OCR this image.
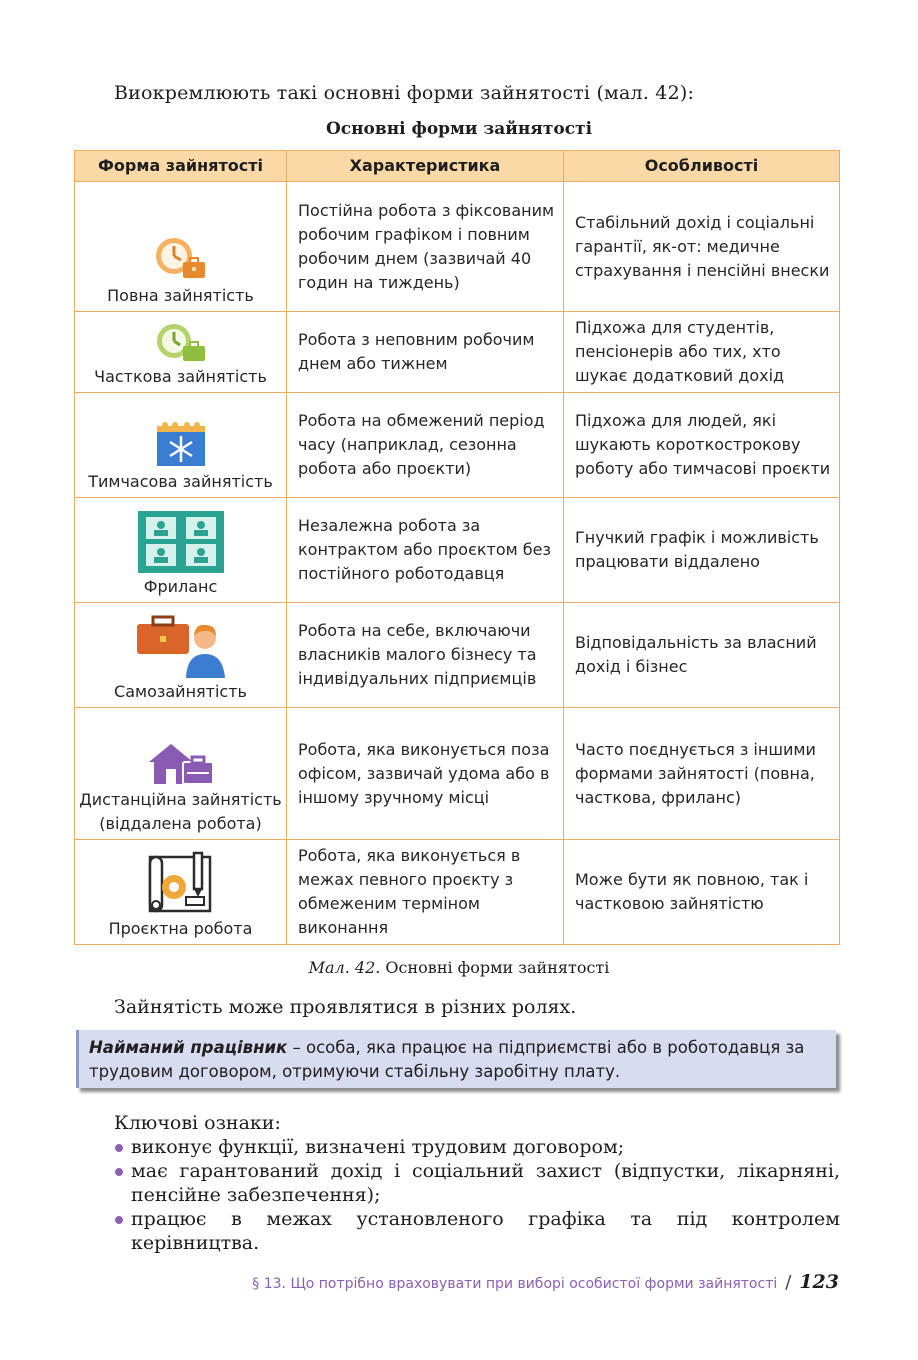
Виокремлюють такі основні форми зайнятості (мал. 42):
Основні форми зайнятості
Форма зайнятості	Характеристика	Особливості

Повна зайнятість	Постійна робота з фіксованим робочим графіком і повним робочим днем (зазвичай 40 годин на тиждень)	Стабільний дохід і соціальні гарантії, як-от: медичне страхування і пенсійні внески

Часткова зайнятість	Робота з неповним робочим днем або тижнем	Підхожа для студентів, пенсіонерів або тих, хто шукає додатковий дохід

Тимчасова зайнятість	Робота на обмежений період часу (наприклад, сезонна робота або проєкти)	Підхожа для людей, які шукають короткострокову роботу або тимчасові проєкти

Фриланс	Незалежна робота за контрактом або проєктом без постійного роботодавця	Гнучкий графік і можливість працювати віддалено

Самозайнятість	Робота на себе, включаючи власників малого бізнесу та індивідуальних підприємців	Відповідальність за власний дохід і бізнес

Дистанційна зайнятість (віддалена робота)	Робота, яка виконується поза офісом, зазвичай удома або в іншому зручному місці	Часто поєднується з іншими формами зайнятості (повна, часткова, фриланс)

Проєктна робота	Робота, яка виконується в межах певного проєкту з обмеженим терміном виконання	Може бути як повною, так і частковою зайнятістю
Мал. 42. Основні форми зайнятості
Зайнятість може проявлятися в різних ролях.
Найманий працівник – особа, яка працює на підприємстві або в роботодавця за трудовим договором, отримуючи стабільну заробітну плату.
Ключові ознаки:
виконує функції, визначені трудовим договором;
має гарантований дохід і соціальний захист (відпустки, лікарняні, пенсійне забезпечення);
працює в межах установленого графіка та під контролем керівництва.
§ 13. Що потрібно враховувати при виборі особистої форми зайнятості / 123
